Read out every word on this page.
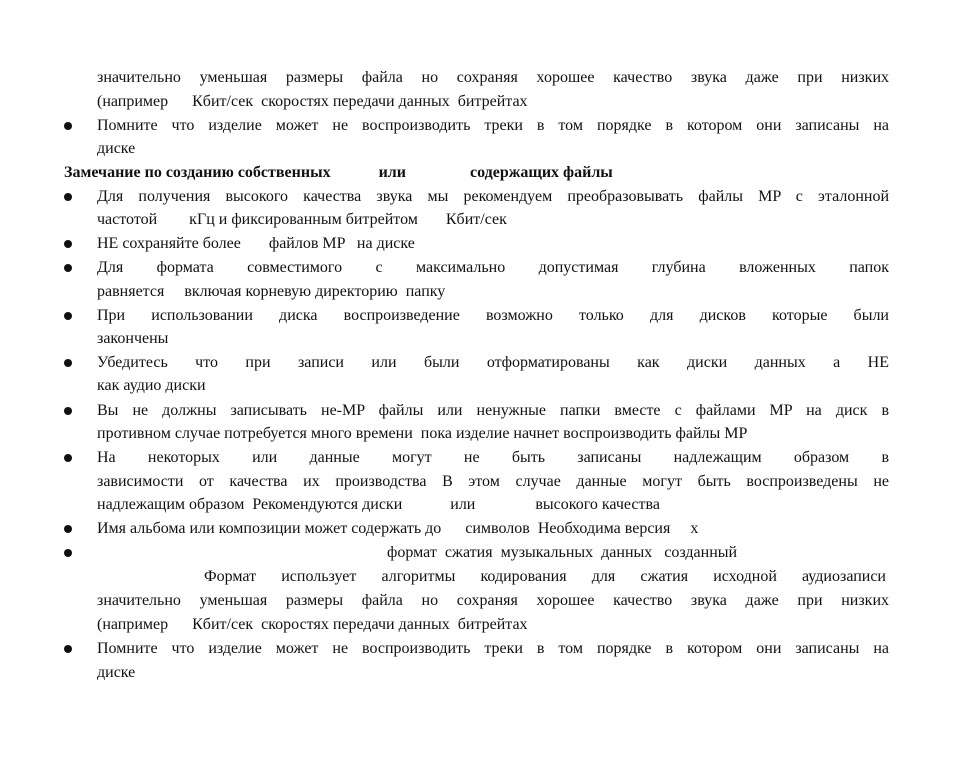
значительно уменьшая размеры файла но сохраняя хорошее качество звука даже при низких
(например      Кбит/сек  скоростях передачи данных  битрейтах
Помните что изделие может не воспроизводить треки в том порядке в котором они записаны на
диске
Замечание по созданию собственных            или                содержащих файлы
Для получения высокого качества звука мы рекомендуем преобразовывать файлы MP с эталонной
частотой        кГц и фиксированным битрейтом       Кбит/сек
НЕ сохраняйте более       файлов MP   на диске
Для формата совместимого с максимально допустимая глубина вложенных папок
равняется     включая корневую директорию  папку
При использовании диска воспроизведение возможно только для дисков которые были
закончены
Убедитесь что при записи или были отформатированы как диски данных а НЕ
как аудио диски
Вы не должны записывать не-MP файлы или ненужные папки вместе с файлами MP на диск в
противном случае потребуется много времени  пока изделие начнет воспроизводить файлы MP
На некоторых или данные могут не быть записаны надлежащим образом в
зависимости от качества их производства В этом случае данные могут быть воспроизведены не
надлежащим образом  Рекомендуются диски            или               высокого качества
Имя альбома или композиции может содержать до      символов  Необходима версия     x
формат  сжатия  музыкальных  данных   созданный
Формат использует алгоритмы кодирования для сжатия исходной аудиозаписи
значительно уменьшая размеры файла но сохраняя хорошее качество звука даже при низких
(например      Кбит/сек  скоростях передачи данных  битрейтах
Помните что изделие может не воспроизводить треки в том порядке в котором они записаны на
диске
